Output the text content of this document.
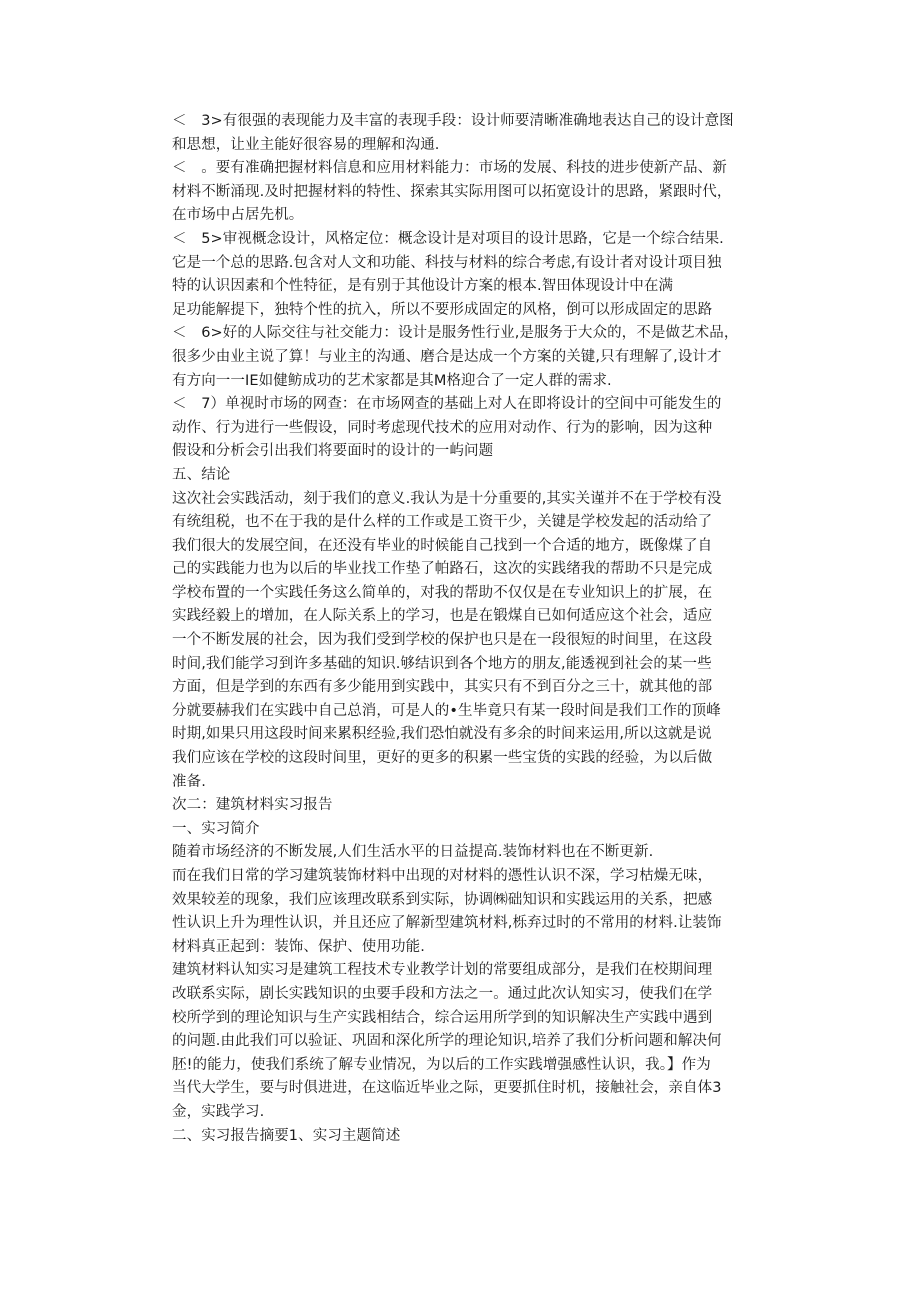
＜　3>有很强的表现能力及丰富的表现手段：设计师要清晰准确地表达自己的设计意图
和思想，让业主能好很容易的理解和沟通.
＜　。要有准确把握材料信息和应用材料能力：市场的发展、科技的进步使新产品、新
材料不断涌现.及时把握材料的特性、探索其实际用图可以拓宽设计的思路，紧跟时代，
在市场中占居先机。
＜　5>审视概念设计，风格定位：概念设计是对项目的设计思路，它是一个综合结果.
它是一个总的思路.包含对人文和功能、科技与材料的综合考虑,有设计者对设计项目独
特的认识因素和个性特征，是有别于其他设计方案的根本.智田体现设计中在满
足功能解提下，独特个性的抗入，所以不要形成固定的风格，倒可以形成固定的思路
＜　6>好的人际交往与社交能力：设计是服务性行业,是服务于大众的，不是做艺术品，
很多少由业主说了算！与业主的沟通、磨合是达成一个方案的关键,只有理解了,设计才
有方向一一IE如健鲂成功的艺术家都是其M格迎合了一定人群的需求.
＜　7）单视时市场的网查：在市场网查的基础上对人在即将设计的空间中可能发生的
动作、行为进行一些假设，同时考虑现代技术的应用对动作、行为的影响，因为这种
假设和分析会引出我们将要面时的设计的一屿问题
五、结论
这次社会实践活动，刻于我们的意义.我认为是十分重要的,其实关谨并不在于学校有没
有统组税，也不在于我的是什么样的工作或是工资干少，关键是学校发起的活动给了
我们很大的发展空间，在还没有毕业的时候能自己找到一个合适的地方，既像煤了自
己的实践能力也为以后的毕业找工作垫了帕路石，这次的实践绪我的帮助不只是完成
学校布置的一个实践任务这么简单的，对我的帮助不仅仅是在专业知识上的扩展，在
实践经毅上的增加，在人际关系上的学习，也是在锻煤自已如何适应这个社会，适应
一个不断发展的社会，因为我们受到学校的保护也只是在一段很短的时间里，在这段
时间,我们能学习到许多基础的知识.够结识到各个地方的朋友,能透视到社会的某一些
方面，但是学到的东西有多少能用到实践中，其实只有不到百分之三十，就其他的部
分就要赫我们在实践中自己总消，可是人的•生毕竟只有某一段时间是我们工作的顶峰
时期,如果只用这段时间来累积经验,我们恐怕就没有多余的时间来运用,所以这就是说
我们应该在学校的这段时间里，更好的更多的积累一些宝货的实践的经验，为以后做
准备.
次二：建筑材料实习报告
一、实习简介
随着市场经济的不断发展,人们生活水平的日益提高.装饰材料也在不断更新.
而在我们日常的学习建筑装饰材料中出现的对材料的憑性认识不深，学习枯燥无味，
效果较差的现象，我们应该理改联系到实际，协调㈱础知识和实践运用的关系，把感
性认识上升为理性认识，并且还应了解新型建筑材料,栎弃过时的不常用的材料.让装饰
材料真正起到：装饰、保护、使用功能.
建筑材料认知实习是建筑工程技术专业教学计划的常要组成部分，是我们在校期间理
改联系实际，剧长实践知识的虫要手段和方法之一。通过此次认知实习，使我们在学
校所学到的理论知识与生产实践相结合，综合运用所学到的知识解决生产实践中遇到
的问题.由此我们可以验证、巩固和深化所学的理论知识,培养了我们分析问题和解决何
胚!的能力，使我们系统了解专业情况，为以后的工作实践增强感性认识，我。】作为
当代大学生，要与时俱进进，在这临近毕业之际，更要抓住时机，接触社会，亲自体3
金，实践学习.
二、实习报告摘要1、实习主题简述
